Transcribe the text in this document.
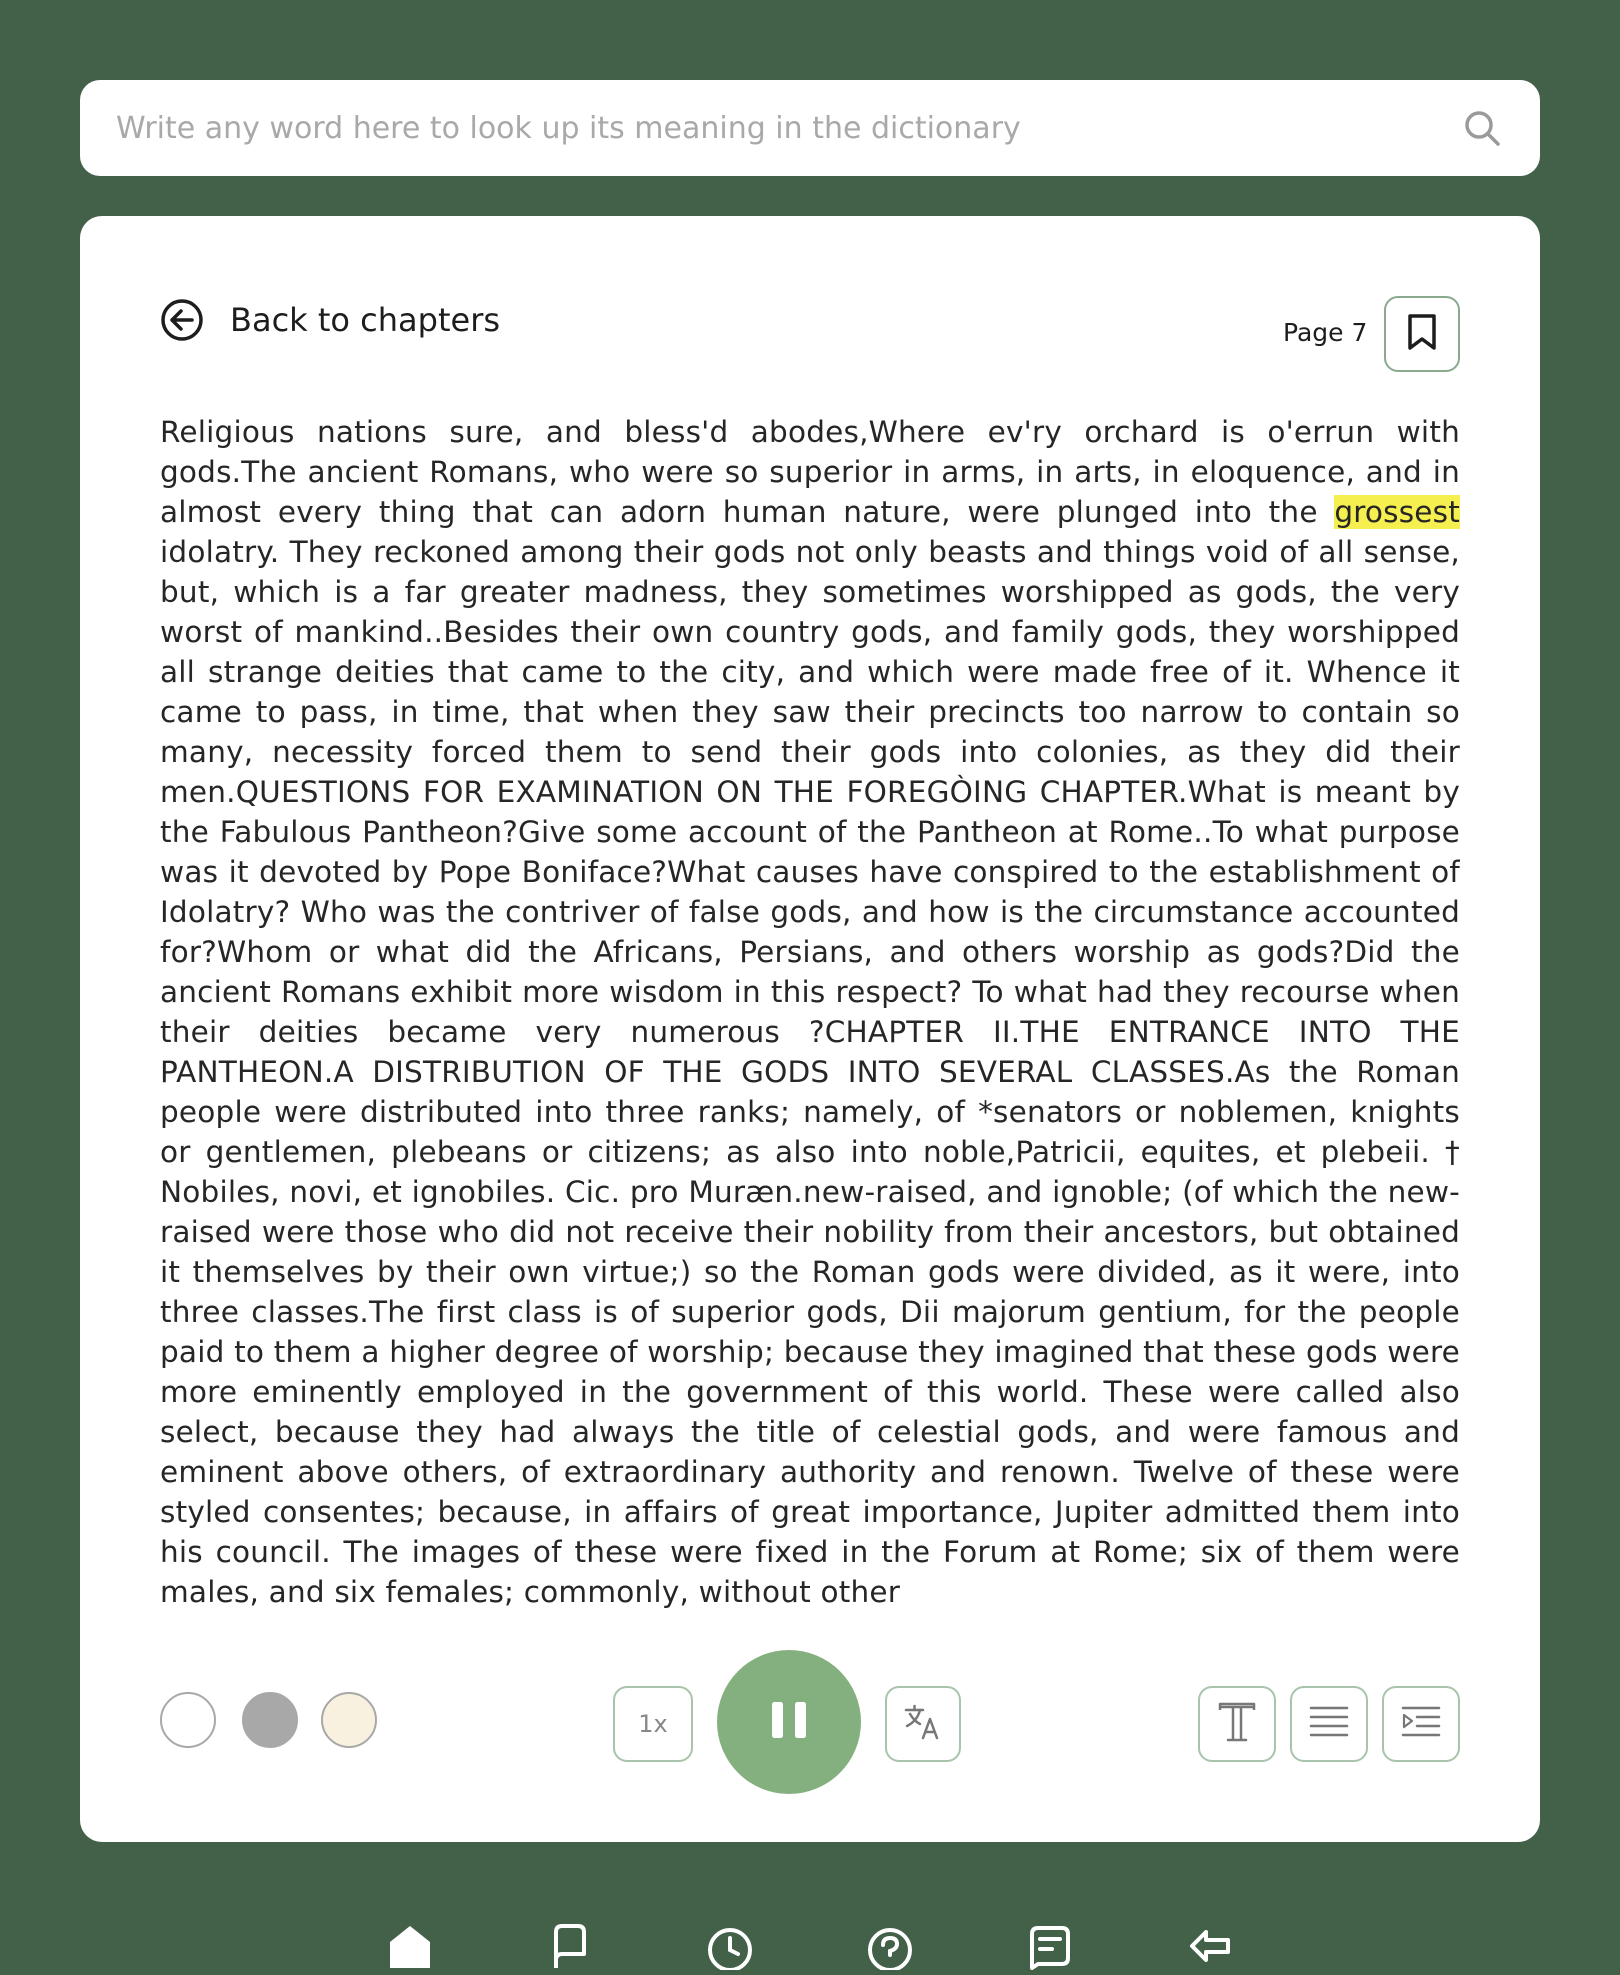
Write any word here to look up its meaning in the dictionary
Back to chapters	Page 7
Religious nations sure, and bless'd abodes,Where ev'ry orchard is o'errun with gods.The ancient Romans, who were so superior in arms, in arts, in eloquence, and in almost every thing that can adorn human nature, were plunged into the grossest idolatry. They reckoned among their gods not only beasts and things void of all sense, but, which is a far greater madness, they sometimes worshipped as gods, the very worst of mankind..Besides their own country gods, and family gods, they worshipped all strange deities that came to the city, and which were made free of it. Whence it came to pass, in time, that when they saw their precincts too narrow to contain so many, necessity forced them to send their gods into colonies, as they did their men.QUESTIONS FOR EXAMINATION ON THE FOREGÒING CHAPTER.What is meant by the Fabulous Pantheon?Give some account of the Pantheon at Rome..To what purpose was it devoted by Pope Boniface?What causes have conspired to the establishment of Idolatry? Who was the contriver of false gods, and how is the circumstance accounted for?Whom or what did the Africans, Persians, and others worship as gods?Did the ancient Romans exhibit more wisdom in this respect? To what had they recourse when their deities became very numerous ?CHAPTER II.THE ENTRANCE INTO THE PANTHEON.A DISTRIBUTION OF THE GODS INTO SEVERAL CLASSES.As the Roman people were distributed into three ranks; namely, of *senators or noblemen, knights or gentlemen, plebeans or citizens; as also into noble,Patricii, equites, et plebeii. † Nobiles, novi, et ignobiles. Cic. pro Muræn.new-raised, and ignoble; (of which the new-raised were those who did not receive their nobility from their ancestors, but obtained it themselves by their own virtue;) so the Roman gods were divided, as it were, into three classes.The first class is of superior gods, Dii majorum gentium, for the people paid to them a higher degree of worship; because they imagined that these gods were more eminently employed in the government of this world. These were called also select, because they had always the title of celestial gods, and were famous and eminent above others, of extraordinary authority and renown. Twelve of these were styled consentes; because, in affairs of great importance, Jupiter admitted them into his council. The images of these were fixed in the Forum at Rome; six of them were males, and six females; commonly, without other
1x
